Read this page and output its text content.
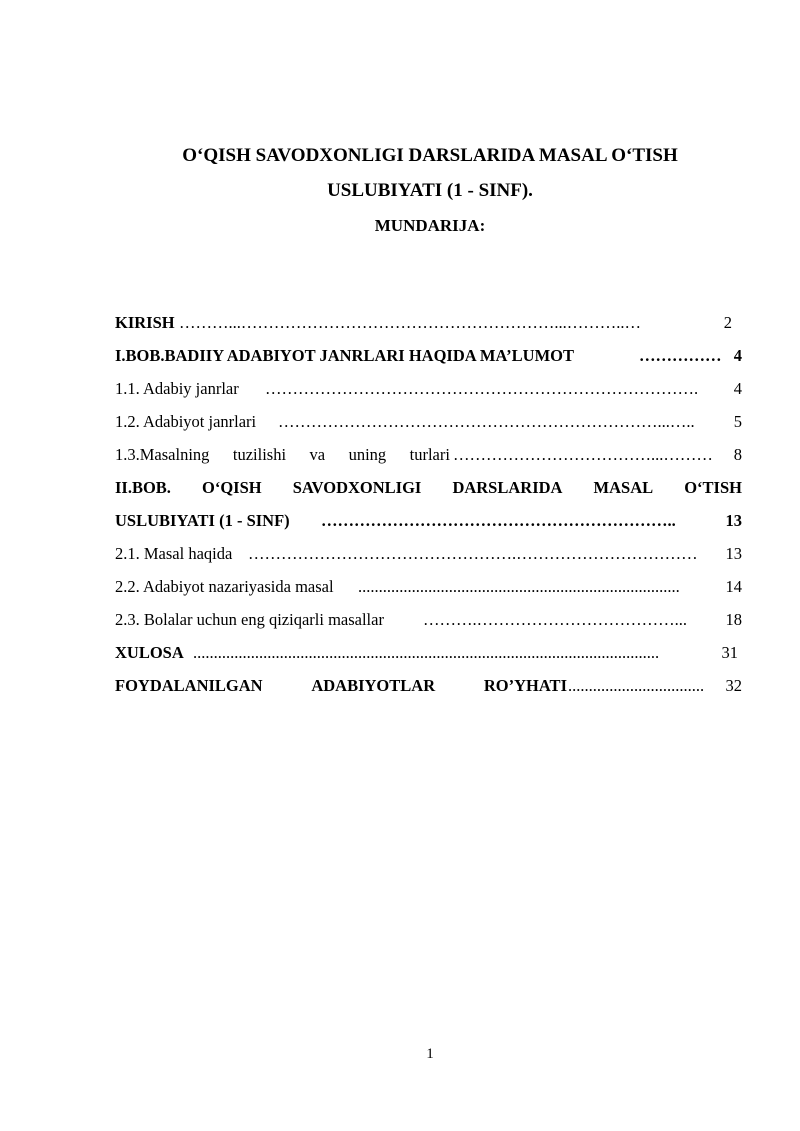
O‘QISH SAVODXONLIGI DARSLARIDA MASAL O‘TISH
USLUBIYATI (1 - SINF).
MUNDARIJA:
KIRISH ………...…………………………………………………...………..…	2
I.BOB.BADIIY ADABIYOT JANRLARI HAQIDA MA’LUMOT	…………… 4
1.1. Adabiy janrlar …………………………………………………………………….	4
1.2. Adabiyot janrlari ……………………………………………………………...…..	5
1.3.Masalning tuzilishi va uning turlari ………………………………...………	8
II.BOB. O‘QISH SAVODXONLIGI DARSLARIDA MASAL O‘TISH
USLUBIYATI (1 - SINF) ………………………………………………………..	13
2.1. Masal haqida ………………………………………….……………………………	13
2.2. Adabiyot nazariyasida masal ..............................................................................	14
2.3. Bolalar uchun eng qiziqarli masallar ……….………………………………...	18
XULOSA .................................................................................................................	31
FOYDALANILGAN	ADABIYOTLAR	RO’YHATI .................................	32
1
